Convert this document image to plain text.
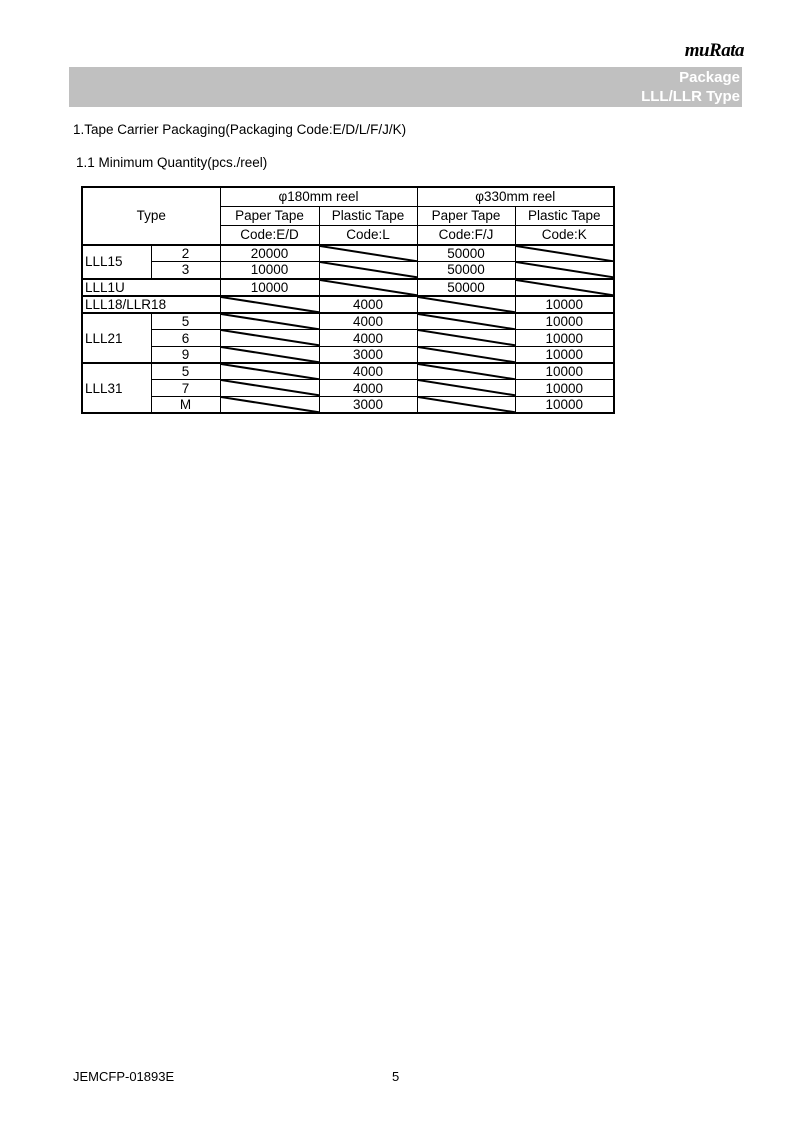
muRata
Package
LLL/LLR Type
1.Tape Carrier Packaging(Packaging Code:E/D/L/F/J/K)
1.1 Minimum Quantity(pcs./reel)
Type		φ180mm reel		φ330mm reel	
		Paper Tape	Plastic Tape	Paper Tape	Plastic Tape
		Code:E/D	Code:L	Code:F/J	Code:K
LLL15	2	20000		50000	

	3	10000		50000	

LLL1U		10000		50000	

LLL18/LLR18			4000		10000
LLL21	5		4000		10000
	6		4000		10000
	9		3000		10000
LLL31	5		4000		10000
	7		4000		10000
	M		3000		10000
JEMCFP-01893E	5
